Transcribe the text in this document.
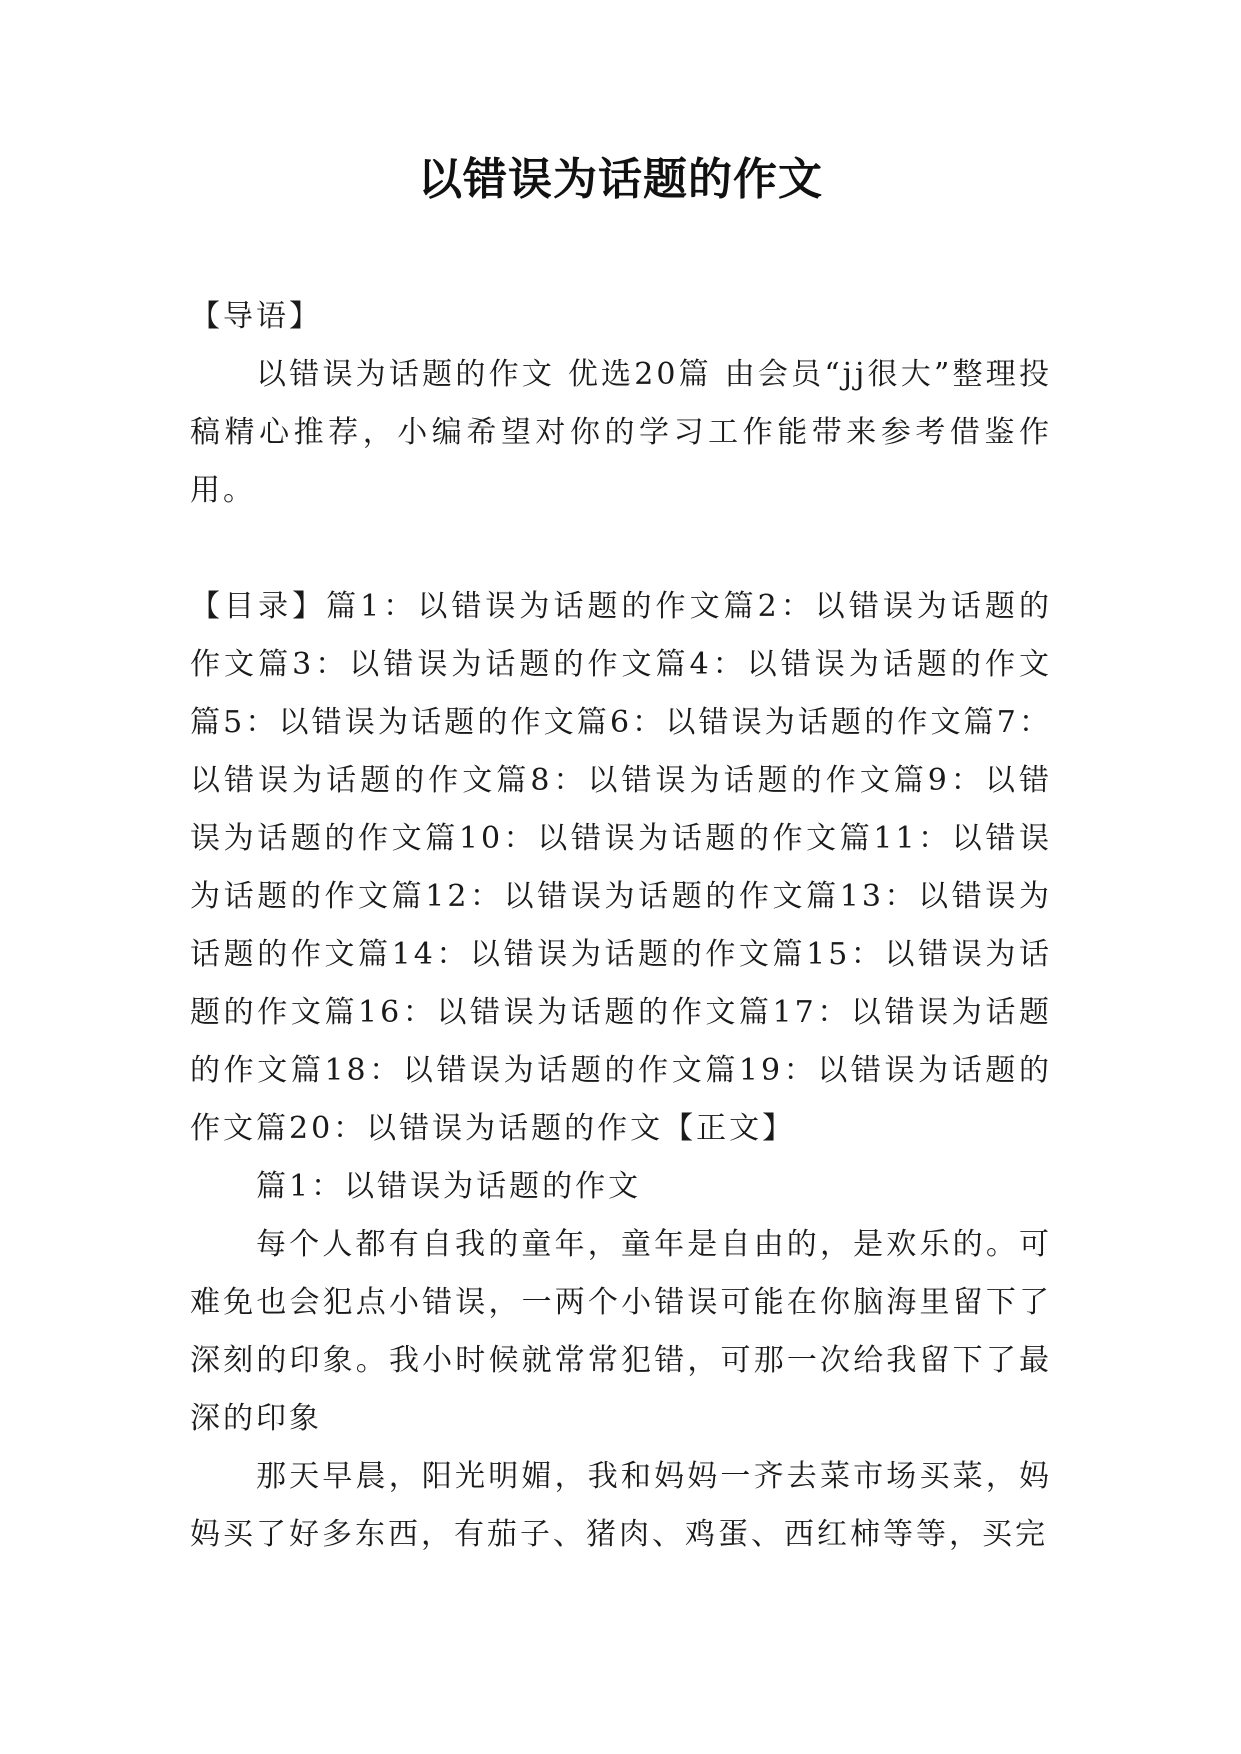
以错误为话题的作文

【导语】

以错误为话题的作文 优选20篇 由会员“jj很大”整理投稿精心推荐，小编希望对你的学习工作能带来参考借鉴作用。

【目录】篇1：以错误为话题的作文篇2：以错误为话题的作文篇3：以错误为话题的作文篇4：以错误为话题的作文篇5：以错误为话题的作文篇6：以错误为话题的作文篇7：以错误为话题的作文篇8：以错误为话题的作文篇9：以错误为话题的作文篇10：以错误为话题的作文篇11：以错误为话题的作文篇12：以错误为话题的作文篇13：以错误为话题的作文篇14：以错误为话题的作文篇15：以错误为话题的作文篇16：以错误为话题的作文篇17：以错误为话题的作文篇18：以错误为话题的作文篇19：以错误为话题的作文篇20：以错误为话题的作文【正文】

篇1：以错误为话题的作文

每个人都有自我的童年，童年是自由的，是欢乐的。可难免也会犯点小错误，一两个小错误可能在你脑海里留下了深刻的印象。我小时候就常常犯错，可那一次给我留下了最深的印象

那天早晨，阳光明媚，我和妈妈一齐去菜市场买菜，妈妈买了好多东西，有茄子、猪肉、鸡蛋、西红柿等等，买完
